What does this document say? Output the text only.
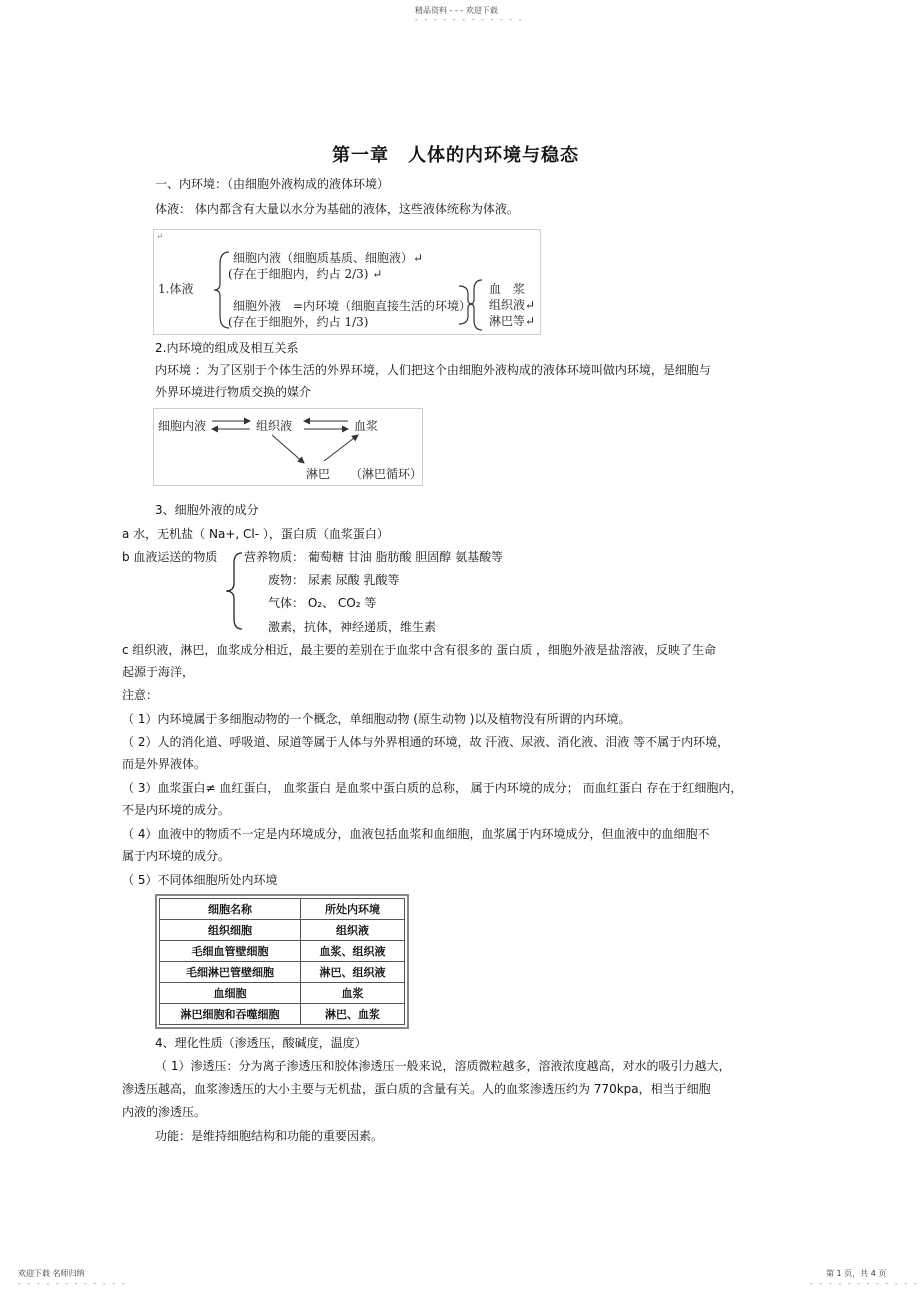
精品资料 - - - 欢迎下载
- - - - - - - - - - - -
第一章　人体的内环境与稳态
一、内环境：（由细胞外液构成的液体环境）
体液： 体内都含有大量以水分为基础的液体，这些液体统称为体液。
↵
1.体液
细胞内液（细胞质基质、细胞液）↵
(存在于细胞内，约占 2/3) ↵
细胞外液　=内环境（细胞直接生活的环境）
(存在于细胞外，约占 1/3)
血　浆
组织液↵
淋巴等↵
2.内环境的组成及相互关系
内环境 ：为了区别于个体生活的外界环境，人们把这个由细胞外液构成的液体环境叫做内环境，是细胞与
外界环境进行物质交换的媒介
细胞内液	组织液	血浆
淋巴 （淋巴循环）
3、细胞外液的成分
a 水，无机盐（ Na+, Cl- ），蛋白质（血浆蛋白）
b 血液运送的物质 营养物质： 葡萄糖 甘油 脂肪酸 胆固醇 氨基酸等
废物： 尿素 尿酸 乳酸等
气体： O₂、 CO₂ 等
激素，抗体，神经递质，维生素
c 组织液，淋巴，血浆成分相近，最主要的差别在于血浆中含有很多的 蛋白质 ，细胞外液是盐溶液，反映了生命
起源于海洋，
注意：
（ 1）内环境属于多细胞动物的一个概念，单细胞动物 (原生动物 )以及植物没有所谓的内环境。
（ 2）人的消化道、呼吸道、尿道等属于人体与外界相通的环境，故 汗液、尿液、消化液、泪液 等不属于内环境，
而是外界液体。
（ 3）血浆蛋白≠ 血红蛋白， 血浆蛋白 是血浆中蛋白质的总称， 属于内环境的成分； 而血红蛋白 存在于红细胞内，
不是内环境的成分。
（ 4）血液中的物质不一定是内环境成分，血液包括血浆和血细胞，血浆属于内环境成分，但血液中的血细胞不
属于内环境的成分。
（ 5）不同体细胞所处内环境
细胞名称	所处内环境
组织细胞	组织液
毛细血管壁细胞	血浆、组织液
毛细淋巴管壁细胞	淋巴、组织液
血细胞	血浆
淋巴细胞和吞噬细胞	淋巴、血浆
4、理化性质（渗透压，酸碱度，温度）
（ 1）渗透压：分为离子渗透压和胶体渗透压一般来说，溶质微粒越多，溶液浓度越高，对水的吸引力越大，
渗透压越高，血浆渗透压的大小主要与无机盐，蛋白质的含量有关。人的血浆渗透压约为 770kpa，相当于细胞
内液的渗透压。
功能：是维持细胞结构和功能的重要因素。
欢迎下载 名师归纳
- - - - - - - - - - - -
第 1 页，共 4 页
- - - - - - - - - - - -
